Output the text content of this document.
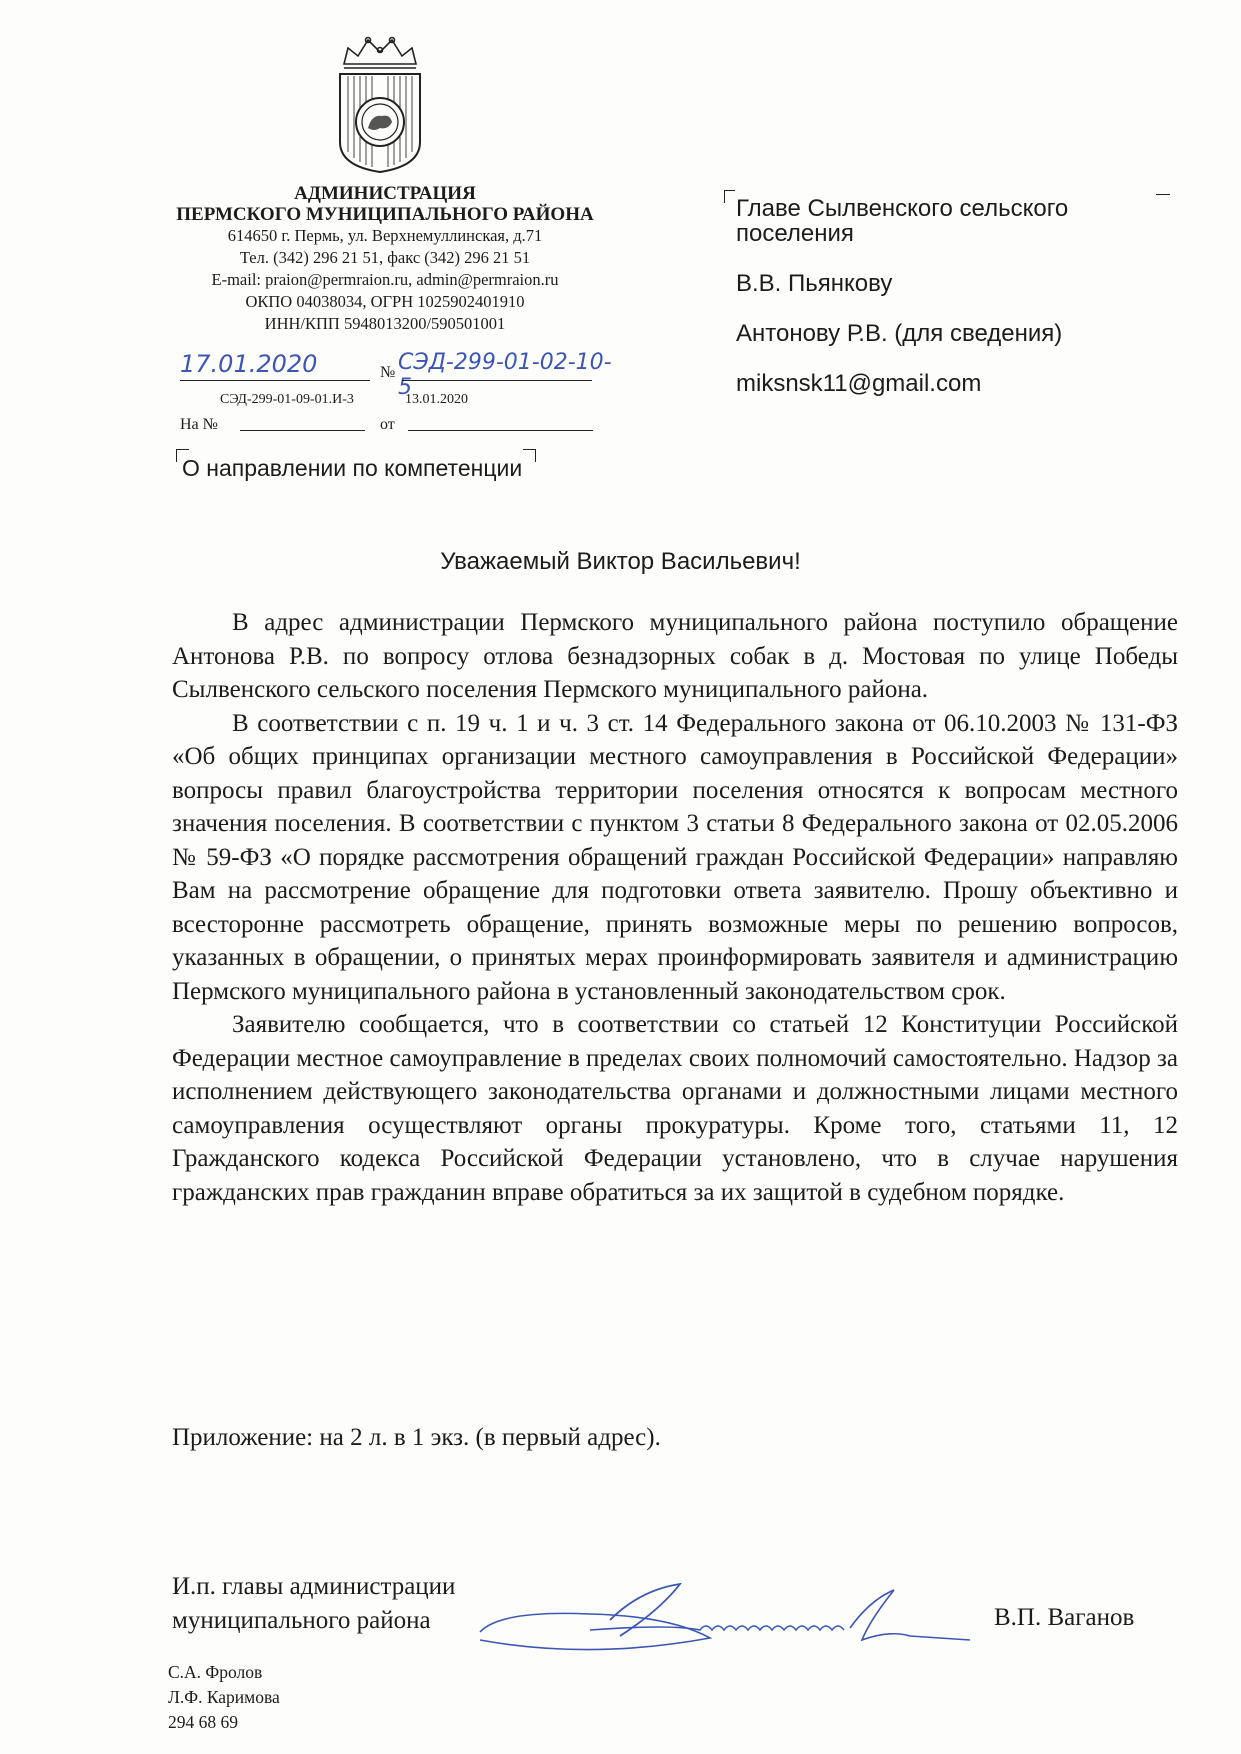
АДМИНИСТРАЦИЯ
ПЕРМСКОГО МУНИЦИПАЛЬНОГО РАЙОНА
614650 г. Пермь, ул. Верхнемуллинская, д.71
Тел. (342) 296 21 51, факс (342) 296 21 51
E-mail: praion@permraion.ru, admin@permraion.ru
ОКПО 04038034, ОГРН 1025902401910
ИНН/КПП 5948013200/590501001
17.01.2020	№ СЭД-299-01-02-10-5
СЭД-299-01-09-01.И-3	13.01.2020
На №	от
О направлении по компетенции

Главе Сылвенского сельского

поселения

В.В. Пьянкову

Антонову Р.В. (для сведения)

miksnsk11@gmail.com

Уважаемый Виктор Васильевич!

В адрес администрации Пермского муниципального района поступило обращение Антонова Р.В. по вопросу отлова безнадзорных собак в д. Мостовая по улице Победы Сылвенского сельского поселения Пермского муниципального района.

В соответствии с п. 19 ч. 1 и ч. 3 ст. 14 Федерального закона от 06.10.2003 № 131-ФЗ «Об общих принципах организации местного самоуправления в Российской Федерации» вопросы правил благоустройства территории поселения относятся к вопросам местного значения поселения. В соответствии с пунктом 3 статьи 8 Федерального закона от 02.05.2006 № 59-ФЗ «О порядке рассмотрения обращений граждан Российской Федерации» направляю Вам на рассмотрение обращение для подготовки ответа заявителю. Прошу объективно и всесторонне рассмотреть обращение, принять возможные меры по решению вопросов, указанных в обращении, о принятых мерах проинформировать заявителя и администрацию Пермского муниципального района в установленный законодательством срок.

Заявителю сообщается, что в соответствии со статьей 12 Конституции Российской Федерации местное самоуправление в пределах своих полномочий самостоятельно. Надзор за исполнением действующего законодательства органами и должностными лицами местного самоуправления осуществляют органы прокуратуры. Кроме того, статьями 11, 12 Гражданского кодекса Российской Федерации установлено, что в случае нарушения гражданских прав гражданин вправе обратиться за их защитой в судебном порядке.

Приложение: на 2 л. в 1 экз. (в первый адрес).
И.п. главы администрации
муниципального района	В.П. Ваганов
С.А. Фролов
Л.Ф. Каримова
294 68 69
